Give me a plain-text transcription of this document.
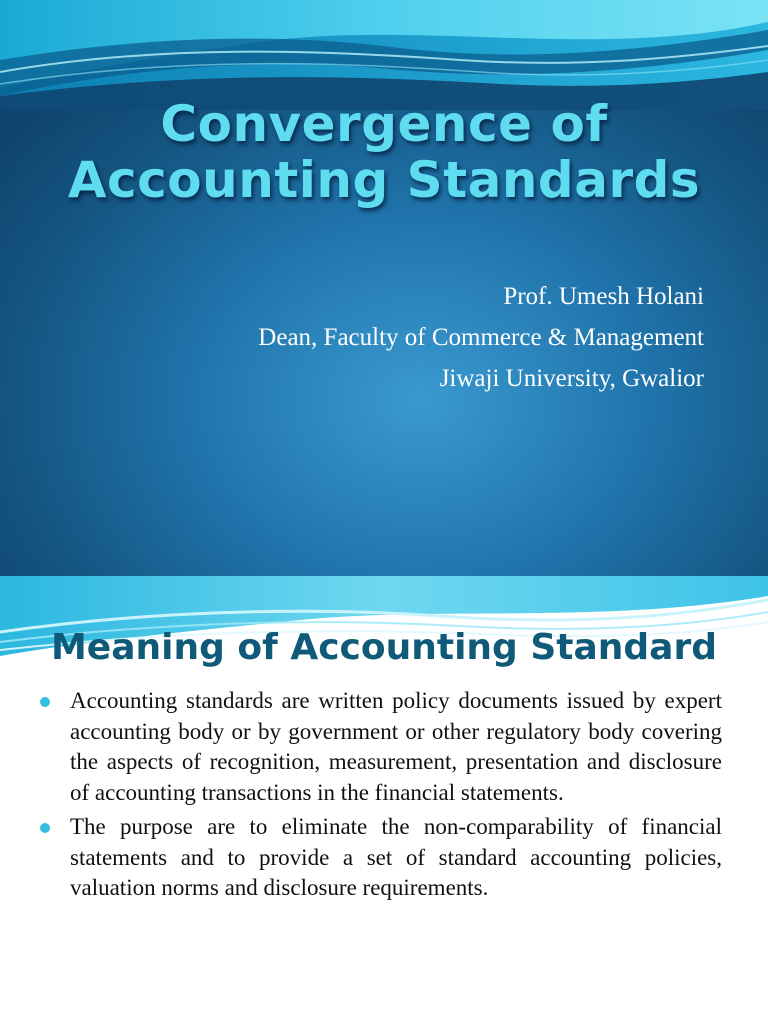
Convergence of
Accounting Standards
Prof. Umesh Holani
Dean, Faculty of Commerce & Management
Jiwaji University, Gwalior
Meaning of Accounting Standard
Accounting standards are written policy documents issued by expert accounting body or by government or other regulatory body covering the aspects of recognition, measurement, presentation and disclosure of accounting transactions in the financial statements.
The purpose are to eliminate the non-comparability of financial statements and to provide a set of standard accounting policies, valuation norms and disclosure requirements.
